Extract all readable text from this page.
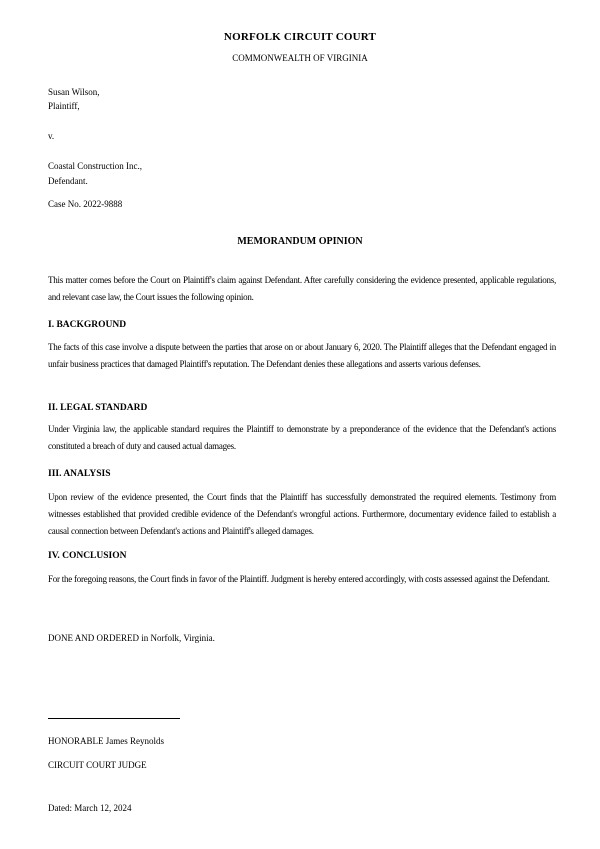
NORFOLK CIRCUIT COURT
COMMONWEALTH OF VIRGINIA
Susan Wilson,
Plaintiff,
v.
Coastal Construction Inc.,
Defendant.
Case No. 2022-9888
MEMORANDUM OPINION
This matter comes before the Court on Plaintiff's claim against Defendant. After carefully considering the evidence presented, applicable regulations, and relevant case law, the Court issues the following opinion.
I. BACKGROUND
The facts of this case involve a dispute between the parties that arose on or about January 6, 2020. The Plaintiff alleges that the Defendant engaged in unfair business practices that damaged Plaintiff's reputation. The Defendant denies these allegations and asserts various defenses.
II. LEGAL STANDARD
Under Virginia law, the applicable standard requires the Plaintiff to demonstrate by a preponderance of the evidence that the Defendant's actions constituted a breach of duty and caused actual damages.
III. ANALYSIS
Upon review of the evidence presented, the Court finds that the Plaintiff has successfully demonstrated the required elements. Testimony from witnesses established that provided credible evidence of the Defendant's wrongful actions. Furthermore, documentary evidence failed to establish a causal connection between Defendant's actions and Plaintiff's alleged damages.
IV. CONCLUSION
For the foregoing reasons, the Court finds in favor of the Plaintiff. Judgment is hereby entered accordingly, with costs assessed against the Defendant.
DONE AND ORDERED in Norfolk, Virginia.
HONORABLE James Reynolds
CIRCUIT COURT JUDGE
Dated: March 12, 2024
